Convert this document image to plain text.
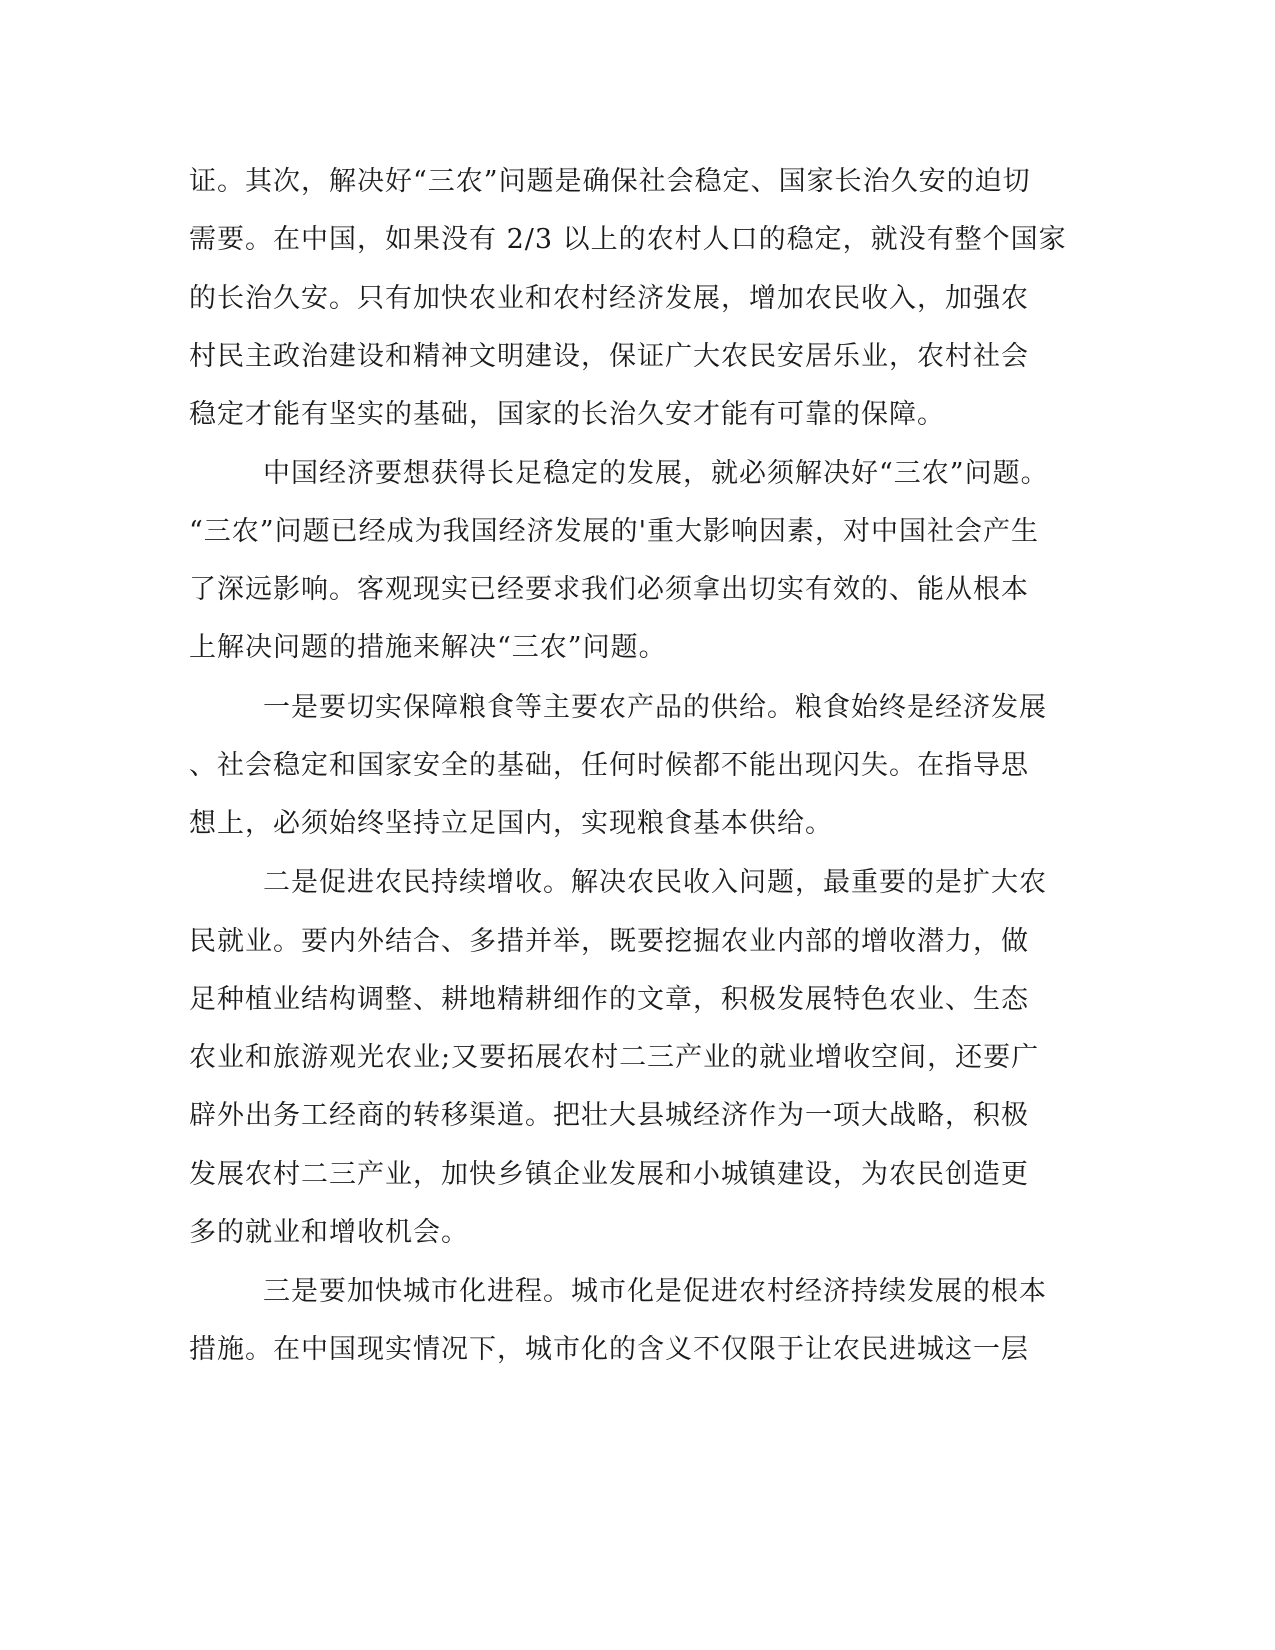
证。其次，解决好“三农”问题是确保社会稳定、国家长治久安的迫切
需要。在中国，如果没有 2/3 以上的农村人口的稳定，就没有整个国家
的长治久安。只有加快农业和农村经济发展，增加农民收入，加强农
村民主政治建设和精神文明建设，保证广大农民安居乐业，农村社会
稳定才能有坚实的基础，国家的长治久安才能有可靠的保障。
中国经济要想获得长足稳定的发展，就必须解决好“三农”问题。
“三农”问题已经成为我国经济发展的'重大影响因素，对中国社会产生
了深远影响。客观现实已经要求我们必须拿出切实有效的、能从根本
上解决问题的措施来解决“三农”问题。
一是要切实保障粮食等主要农产品的供给。粮食始终是经济发展
、社会稳定和国家安全的基础，任何时候都不能出现闪失。在指导思
想上，必须始终坚持立足国内，实现粮食基本供给。
二是促进农民持续增收。解决农民收入问题，最重要的是扩大农
民就业。要内外结合、多措并举，既要挖掘农业内部的增收潜力，做
足种植业结构调整、耕地精耕细作的文章，积极发展特色农业、生态
农业和旅游观光农业;又要拓展农村二三产业的就业增收空间，还要广
辟外出务工经商的转移渠道。把壮大县城经济作为一项大战略，积极
发展农村二三产业，加快乡镇企业发展和小城镇建设，为农民创造更
多的就业和增收机会。
三是要加快城市化进程。城市化是促进农村经济持续发展的根本
措施。在中国现实情况下，城市化的含义不仅限于让农民进城这一层
